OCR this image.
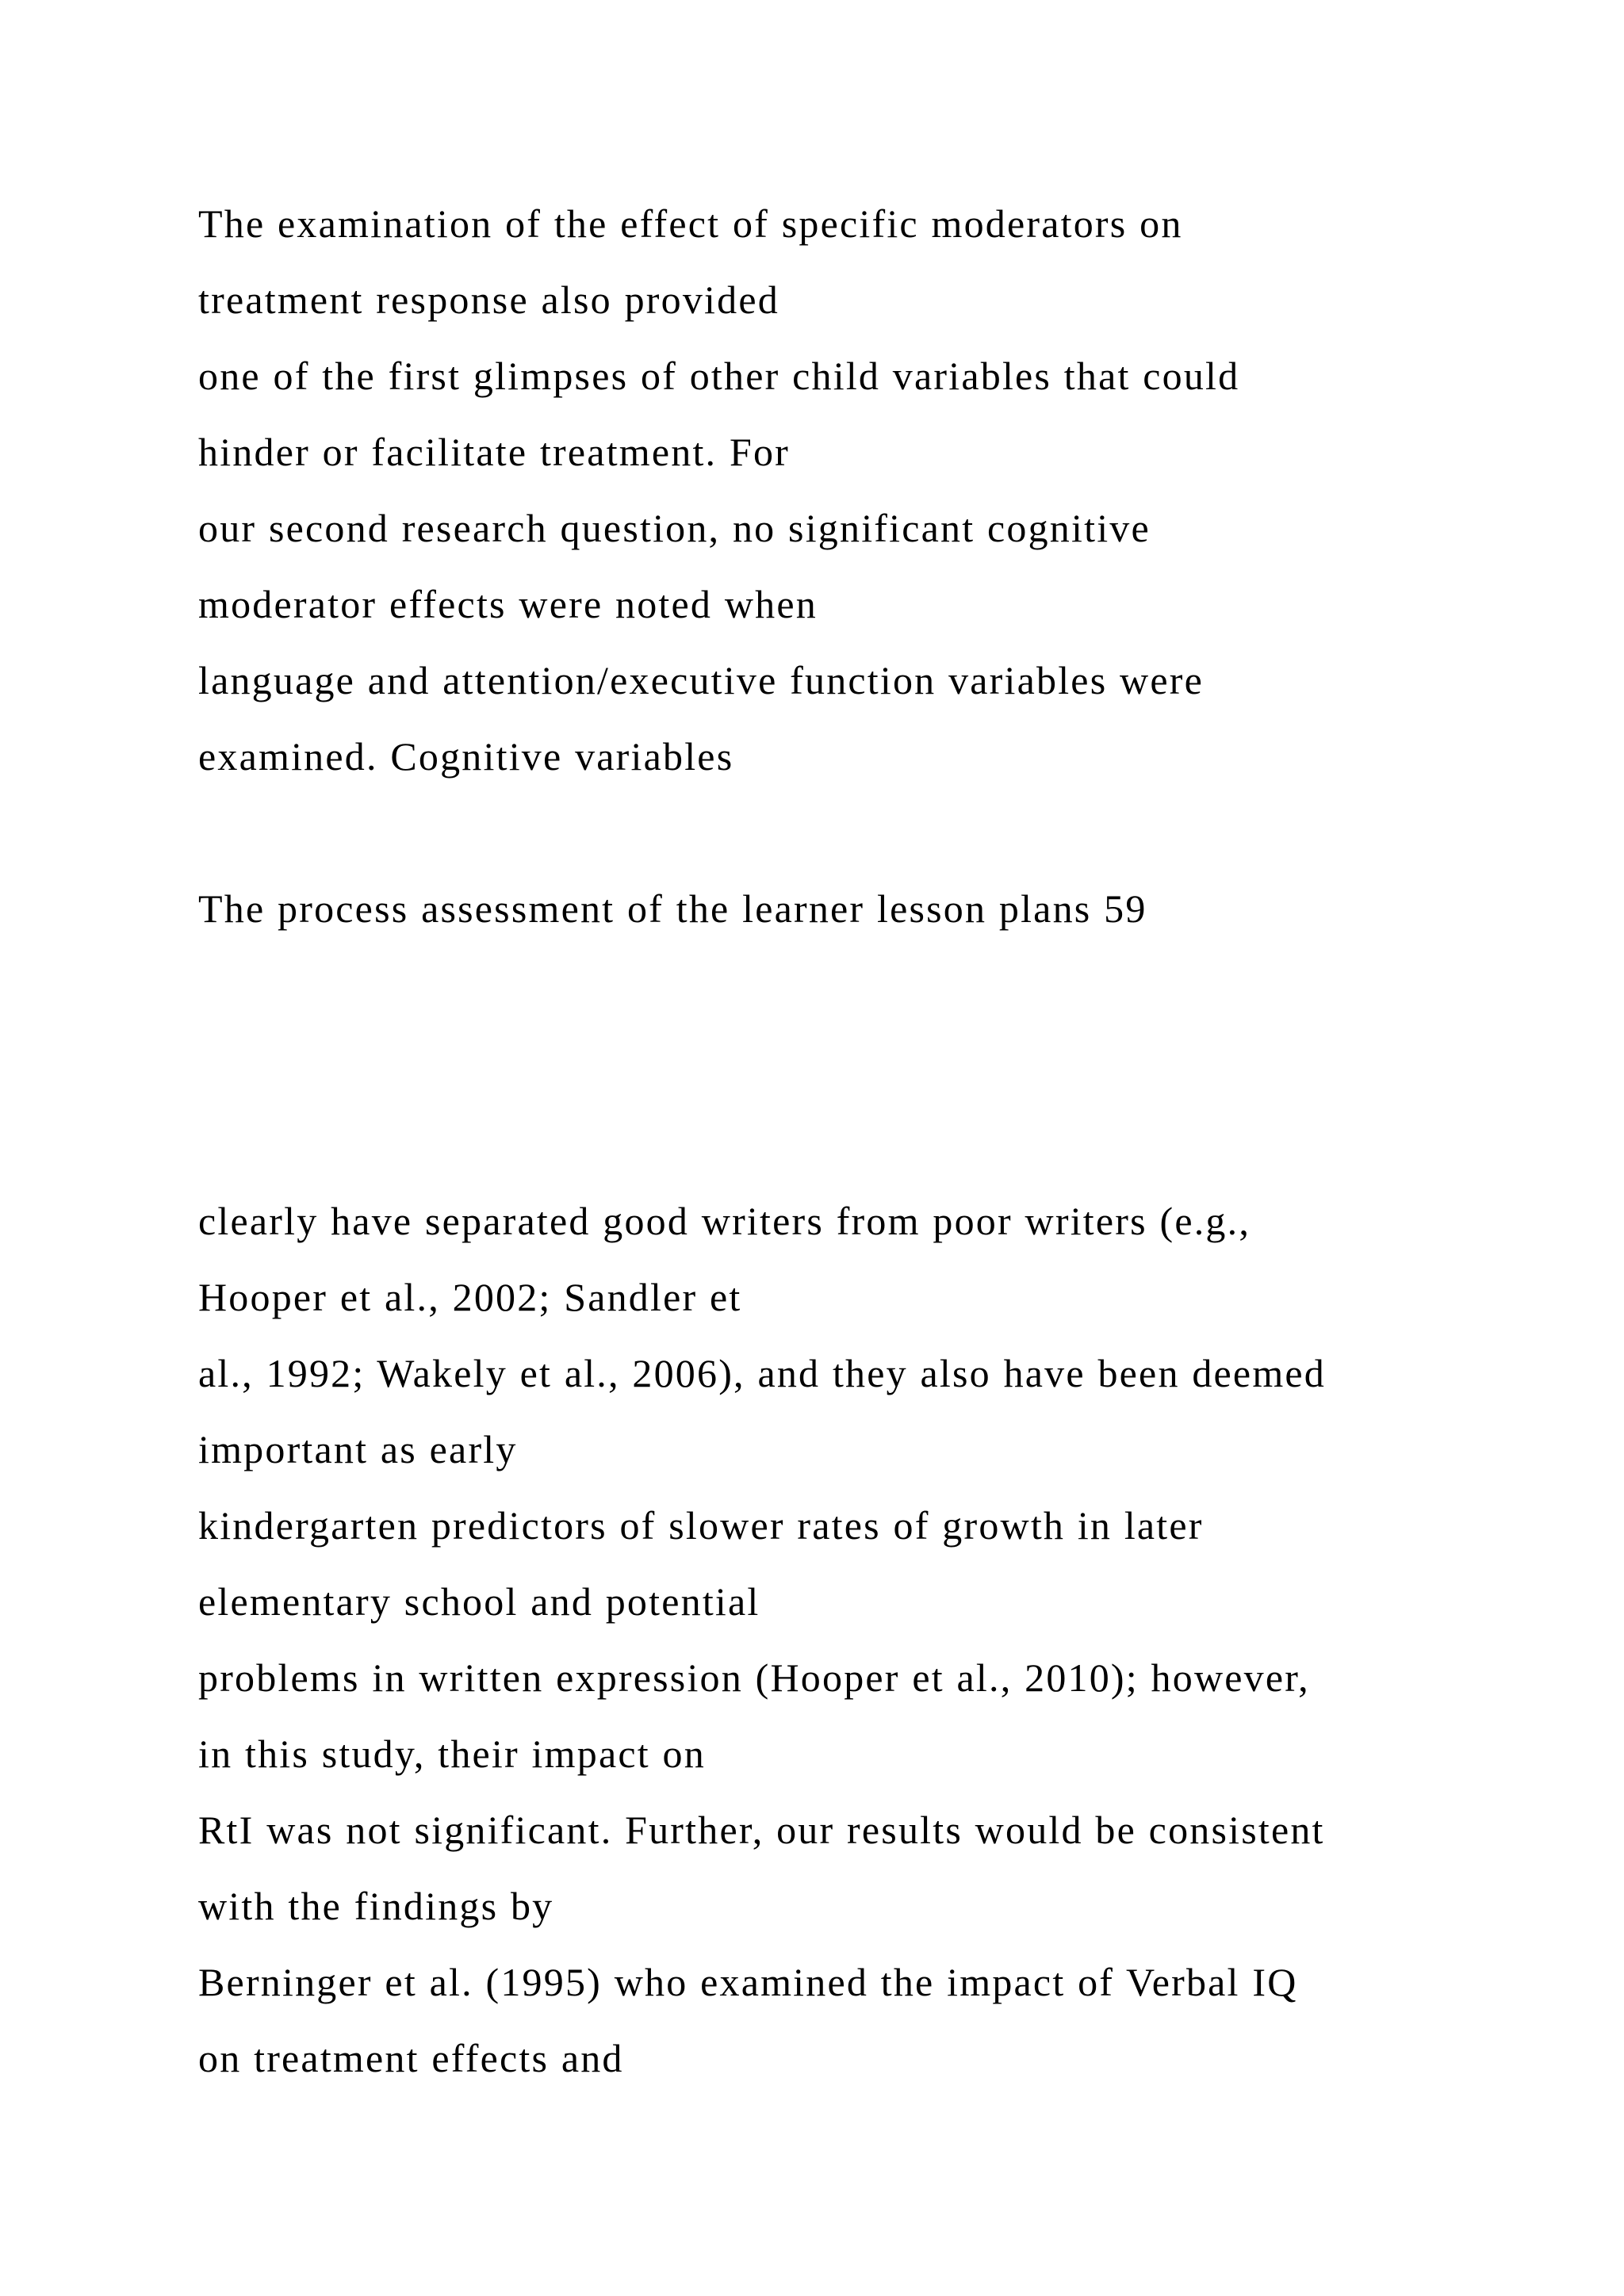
The examination of the effect of specific moderators on

treatment response also provided

one of the first glimpses of other child variables that could

hinder or facilitate treatment. For

our second research question, no significant cognitive

moderator effects were noted when

language and attention/executive function variables were

examined. Cognitive variables

The process assessment of the learner lesson plans 59

clearly have separated good writers from poor writers (e.g.,

Hooper et al., 2002; Sandler et

al., 1992; Wakely et al., 2006), and they also have been deemed

important as early

kindergarten predictors of slower rates of growth in later

elementary school and potential

problems in written expression (Hooper et al., 2010); however,

in this study, their impact on

RtI was not significant. Further, our results would be consistent

with the findings by

Berninger et al. (1995) who examined the impact of Verbal IQ

on treatment effects and
